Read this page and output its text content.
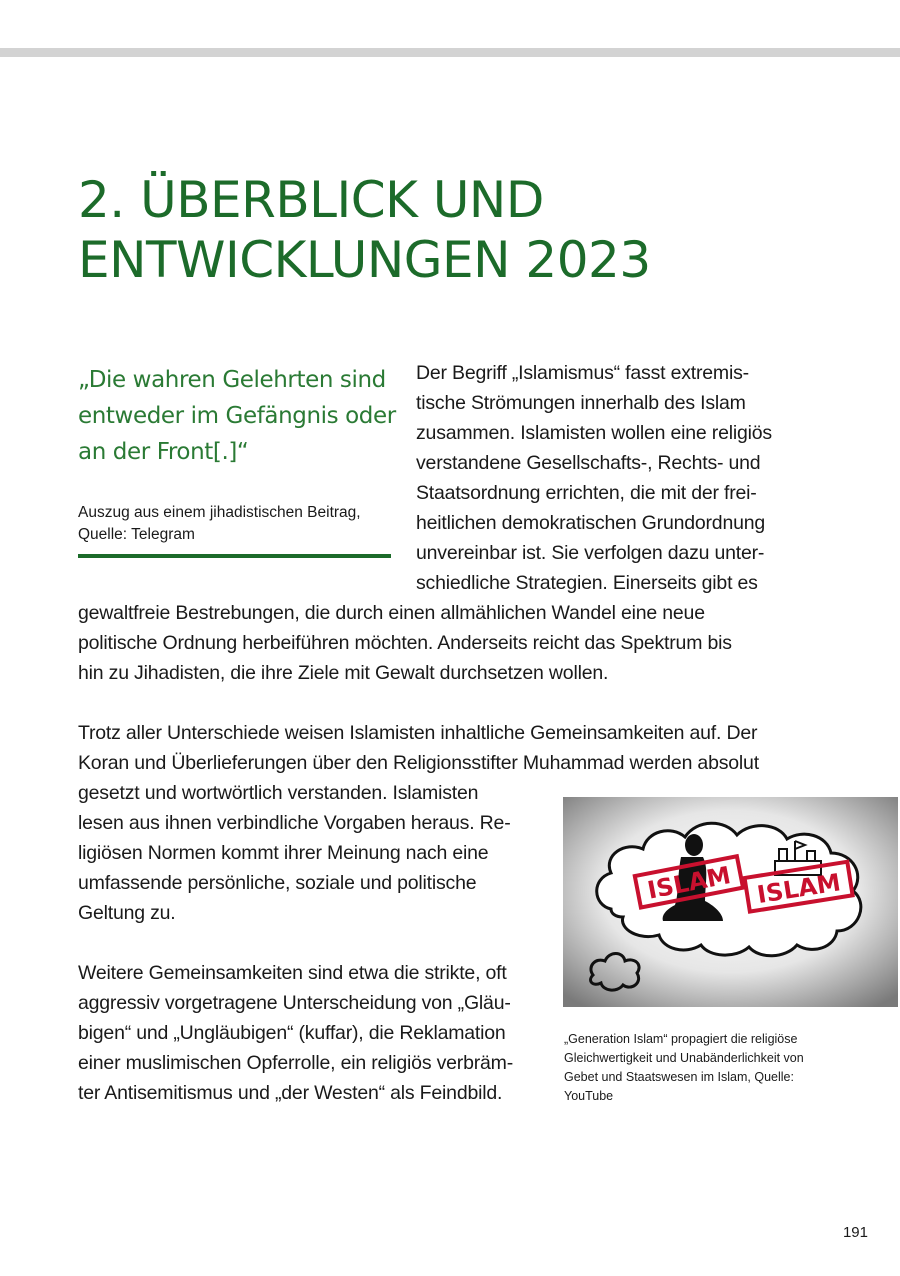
2. ÜBERBLICK UND
ENTWICKLUNGEN 2023
„Die wahren Gelehrten sind
entweder im Gefängnis oder
an der Front[.]“
Auszug aus einem jihadistischen Beitrag,
Quelle: Telegram
Der Begriff „Islamismus“ fasst extremis-
tische Strömungen innerhalb des Islam
zusammen. Islamisten wollen eine religiös
verstandene Gesellschafts-, Rechts- und
Staatsordnung errichten, die mit der frei-
heitlichen demokratischen Grundordnung
unvereinbar ist. Sie verfolgen dazu unter-
schiedliche Strategien. Einerseits gibt es
gewaltfreie Bestrebungen, die durch einen allmählichen Wandel eine neue
politische Ordnung herbeiführen möchten. Anderseits reicht das Spektrum bis
hin zu Jihadisten, die ihre Ziele mit Gewalt durchsetzen wollen.
Trotz aller Unterschiede weisen Islamisten inhaltliche Gemeinsamkeiten auf. Der
Koran und Überlieferungen über den Religionsstifter Muhammad werden absolut
gesetzt und wortwörtlich verstanden. Islamisten
lesen aus ihnen verbindliche Vorgaben heraus. Re-
ligiösen Normen kommt ihrer Meinung nach eine
umfassende persönliche, soziale und politische
Geltung zu.
Weitere Gemeinsamkeiten sind etwa die strikte, oft
aggressiv vorgetragene Unterscheidung von „Gläu-
bigen“ und „Ungläubigen“ (kuffar), die Reklamation
einer muslimischen Opferrolle, ein religiös verbräm-
ter Antisemitismus und „der Westen“ als Feindbild.
ISLAM ISLAM
„Generation Islam“ propagiert die religiöse
Gleichwertigkeit und Unabänderlichkeit von
Gebet und Staatswesen im Islam, Quelle:
YouTube
191
